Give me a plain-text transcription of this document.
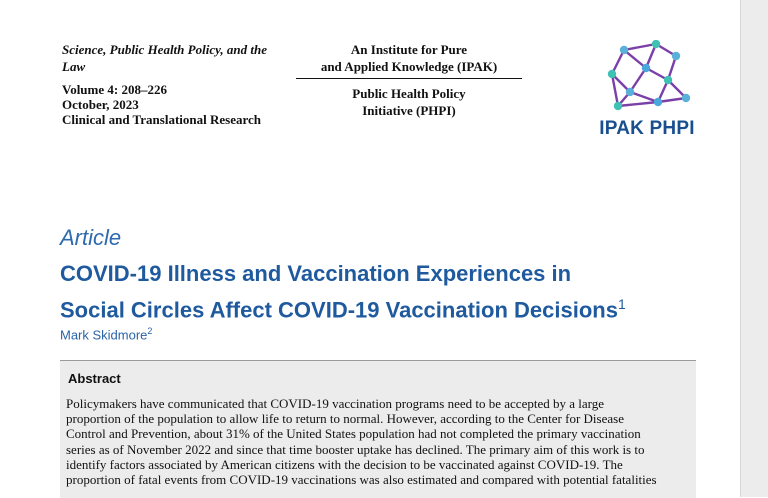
Science, Public Health Policy, and the Law
Volume 4: 208–226
October, 2023
Clinical and Translational Research
An Institute for Pure
and Applied Knowledge (IPAK)
Public Health Policy
Initiative (PHPI)
IPAK PHPI
Article
COVID-19 Illness and Vaccination Experiences in
Social Circles Affect COVID-19 Vaccination Decisions$^1$
Mark Skidmore$^2$
Abstract
Policymakers have communicated that COVID-19 vaccination programs need to be accepted by a large
proportion of the population to allow life to return to normal. However, according to the Center for Disease
Control and Prevention, about 31% of the United States population had not completed the primary vaccination
series as of November 2022 and since that time booster uptake has declined. The primary aim of this work is to
identify factors associated by American citizens with the decision to be vaccinated against COVID-19. The
proportion of fatal events from COVID-19 vaccinations was also estimated and compared with potential fatalities
